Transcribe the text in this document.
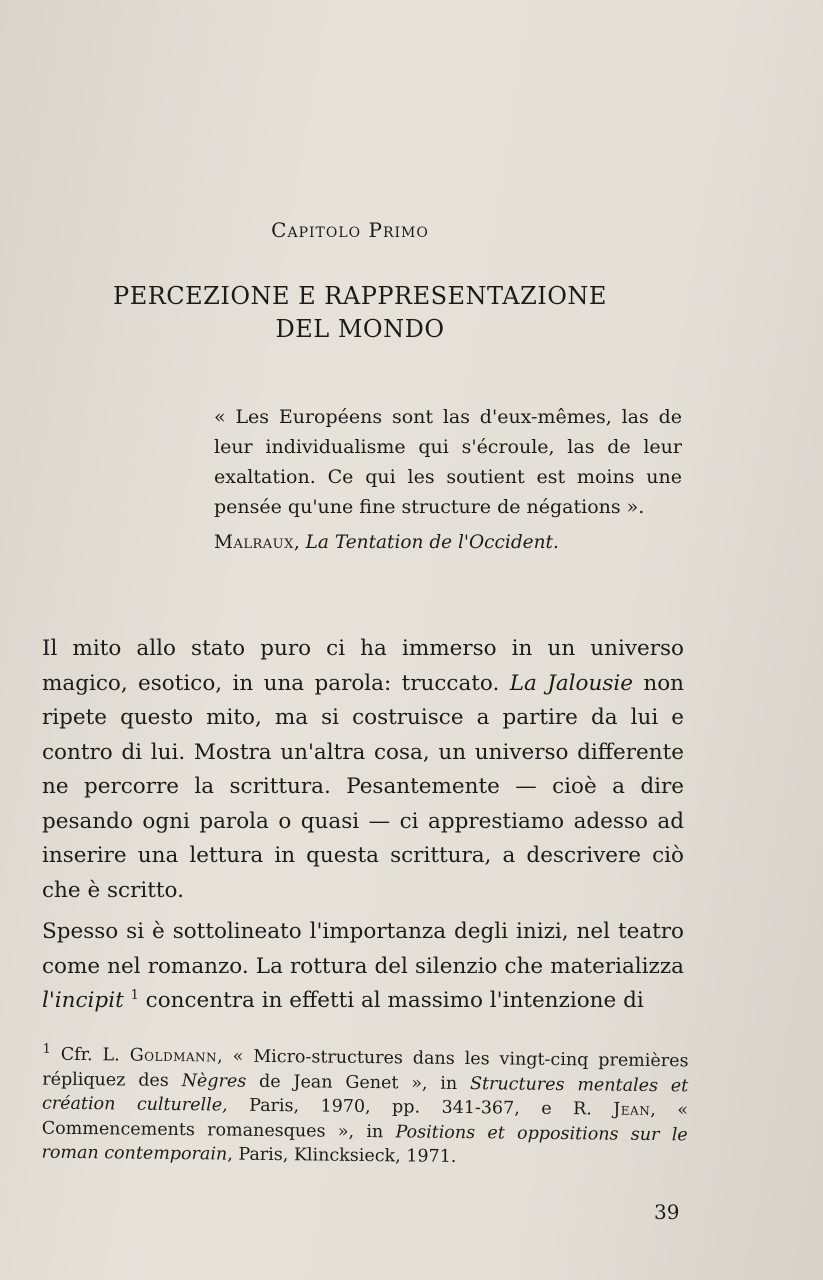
Capitolo Primo
PERCEZIONE E RAPPRESENTAZIONE
DEL MONDO
« Les Européens sont las d'eux-mêmes, las de leur individualisme qui s'écroule, las de leur exaltation. Ce qui les soutient est moins une pensée qu'une fine structure de négations ».
Malraux, La Tentation de l'Occident.

Il mito allo stato puro ci ha immerso in un universo magico, esotico, in una parola: truccato. La Jalousie non ripete questo mito, ma si costruisce a partire da lui e contro di lui. Mostra un'altra cosa, un universo differente ne percorre la scrittura. Pesantemente — cioè a dire pesando ogni parola o quasi — ci apprestiamo adesso ad inserire una lettura in questa scrittura, a descrivere ciò che è scritto.

Spesso si è sottolineato l'importanza degli inizi, nel teatro come nel romanzo. La rottura del silenzio che materializza l'incipit $^1$ concentra in effetti al massimo l'intenzione di

$^1$ Cfr. L. Goldmann, « Micro-structures dans les vingt-cinq premières répliquez des Nègres de Jean Genet », in Structures mentales et création culturelle, Paris, 1970, pp. 341-367, e R. Jean, « Commencements romanesques », in Positions et oppositions sur le roman contemporain, Paris, Klincksieck, 1971.
39
